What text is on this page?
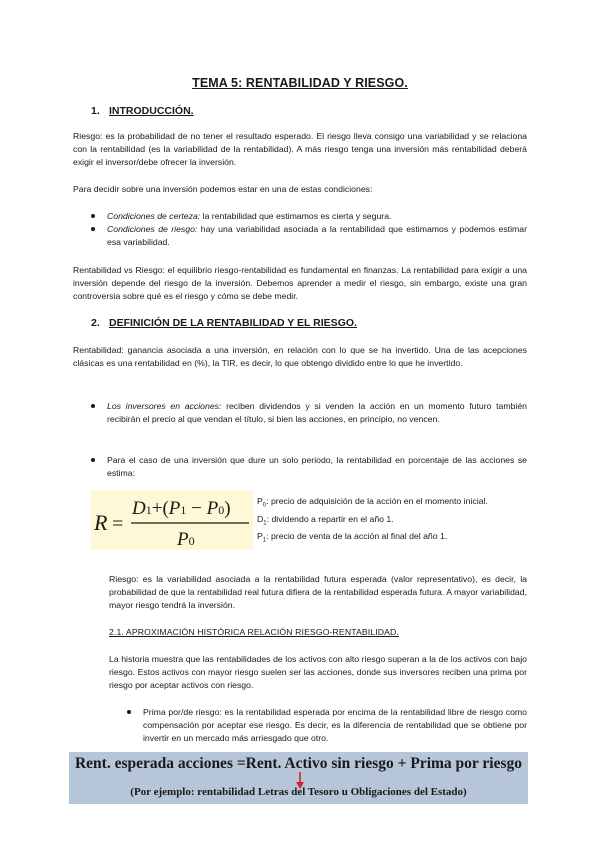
TEMA 5: RENTABILIDAD Y RIESGO.
1. INTRODUCCIÓN.
Riesgo: es la probabilidad de no tener el resultado esperado. El riesgo lleva consigo una variabilidad y se relaciona con la rentabilidad (es la variabilidad de la rentabilidad). A más riesgo tenga una inversión más rentabilidad deberá exigir el inversor/debe ofrecer la inversión.
Para decidir sobre una inversión podemos estar en una de estas condiciones:
Condiciones de certeza: la rentabilidad que estimamos es cierta y segura.
Condiciones de riesgo: hay una variabilidad asociada a la rentabilidad que estimamos y podemos estimar esa variabilidad.
Rentabilidad vs Riesgo: el equilibrio riesgo-rentabilidad es fundamental en finanzas. La rentabilidad para exigir a una inversión depende del riesgo de la inversión. Debemos aprender a medir el riesgo, sin embargo, existe una gran controversia sobre qué es el riesgo y cómo se debe medir.
2. DEFINICIÓN DE LA RENTABILIDAD Y EL RIESGO.
Rentabilidad: ganancia asociada a una inversión, en relación con lo que se ha invertido. Una de las acepciones clásicas es una rentabilidad en (%), la TIR, es decir, lo que obtengo dividido entre lo que he invertido.
Los inversores en acciones: reciben dividendos y si venden la acción en un momento futuro también recibirán el precio al que vendan el título, si bien las acciones, en principio, no vencen.
Para el caso de una inversión que dure un solo periodo, la rentabilidad en porcentaje de las acciones se estima:
R =
D1+(P1 − P0)
P0
$P_0$: precio de adquisición de la acción en el momento inicial.
$D_1$: dividendo a repartir en el año 1.
$P_1$: precio de venta de la acción al final del año 1.
Riesgo: es la variabilidad asociada a la rentabilidad futura esperada (valor representativo), es decir, la probabilidad de que la rentabilidad real futura difiera de la rentabilidad esperada futura. A mayor variabilidad, mayor riesgo tendrá la inversión.
2.1. APROXIMACIÓN HISTÓRICA RELACIÓN RIESGO-RENTABILIDAD.
La historia muestra que las rentabilidades de los activos con alto riesgo superan a la de los activos con bajo riesgo. Estos activos con mayor riesgo suelen ser las acciones, donde sus inversores reciben una prima por riesgo por aceptar activos con riesgo.
Prima por/de riesgo: es la rentabilidad esperada por encima de la rentabilidad libre de riesgo como compensación por aceptar ese riesgo. Es decir, es la diferencia de rentabilidad que se obtiene por invertir en un mercado más arriesgado que otro.
Rent. esperada acciones =Rent. Activo sin riesgo + Prima por riesgo
(Por ejemplo: rentabilidad Letras del Tesoro u Obligaciones del Estado)
